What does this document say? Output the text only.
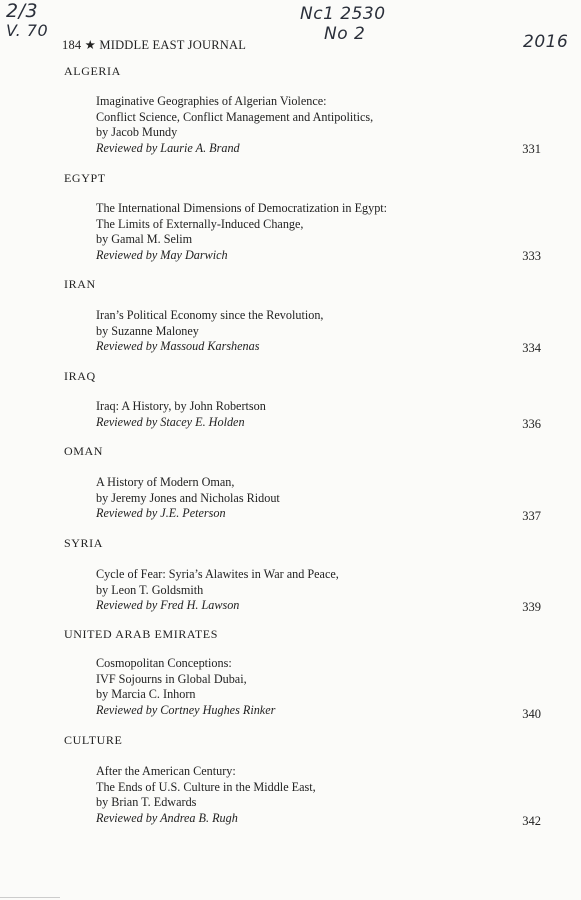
2/3
V. 70
Nc1 2530
No 2	2016
184 ★ MIDDLE EAST JOURNAL
ALGERIA
Imaginative Geographies of Algerian Violence:
Conflict Science, Conflict Management and Antipolitics,
by Jacob Mundy
Reviewed by Laurie A. Brand	331
EGYPT
The International Dimensions of Democratization in Egypt:
The Limits of Externally-Induced Change,
by Gamal M. Selim
Reviewed by May Darwich	333
IRAN
Iran’s Political Economy since the Revolution,
by Suzanne Maloney
Reviewed by Massoud Karshenas	334
IRAQ
Iraq: A History, by John Robertson
Reviewed by Stacey E. Holden	336
OMAN
A History of Modern Oman,
by Jeremy Jones and Nicholas Ridout
Reviewed by J.E. Peterson	337
SYRIA
Cycle of Fear: Syria’s Alawites in War and Peace,
by Leon T. Goldsmith
Reviewed by Fred H. Lawson	339
UNITED ARAB EMIRATES
Cosmopolitan Conceptions:
IVF Sojourns in Global Dubai,
by Marcia C. Inhorn
Reviewed by Cortney Hughes Rinker	340
CULTURE
After the American Century:
The Ends of U.S. Culture in the Middle East,
by Brian T. Edwards
Reviewed by Andrea B. Rugh	342
